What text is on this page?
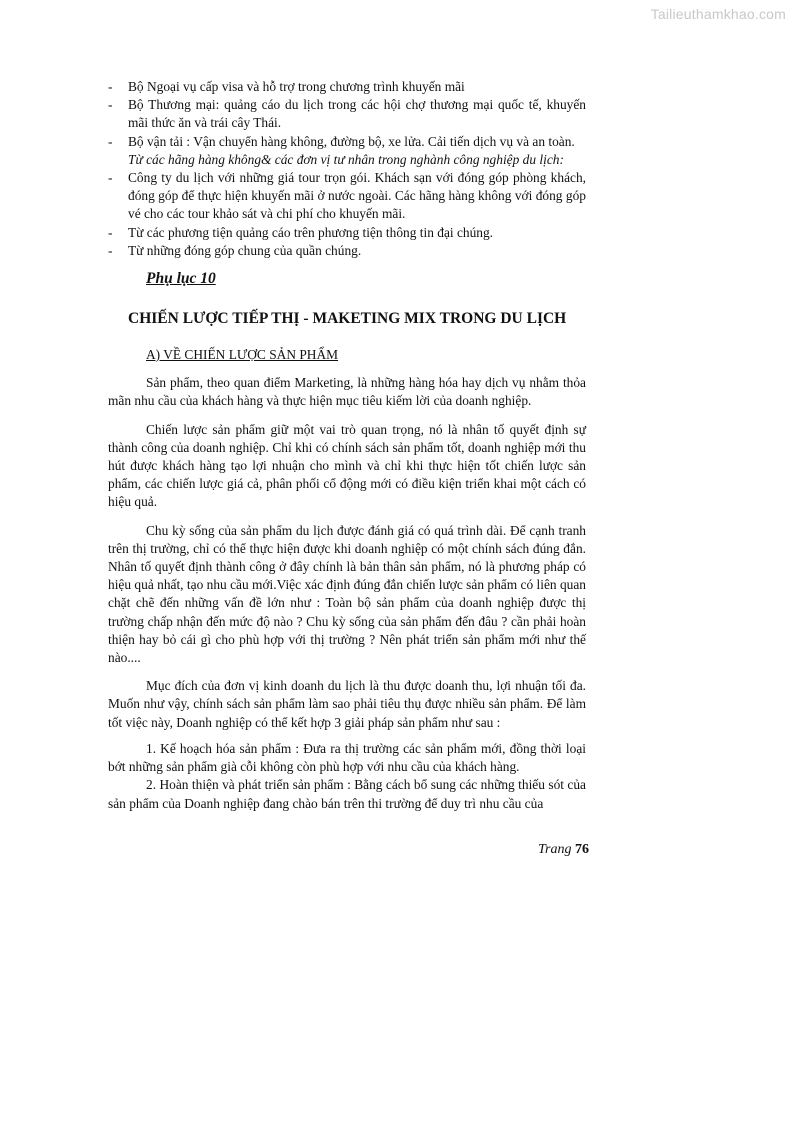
Tailieuthamkhao.com
- Bộ Ngoại vụ cấp visa và hỗ trợ trong chương trình khuyến mãi
- Bộ Thương mại: quảng cáo du lịch trong các hội chợ thương mại quốc tế, khuyến mãi thức ăn và trái cây Thái.
- Bộ vận tải : Vận chuyển hàng không, đường bộ, xe lửa. Cải tiến dịch vụ và an toàn.
Từ các hãng hàng không& các đơn vị tư nhân trong nghành công nghiệp du lịch:
- Công ty du lịch với những giá tour trọn gói. Khách sạn với đóng góp phòng khách, đóng góp để thực hiện khuyến mãi ở nước ngoài. Các hãng hàng không với đóng góp vé cho các tour khảo sát và chi phí cho khuyến mãi.
- Từ các phương tiện quảng cáo trên phương tiện thông tin đại chúng.
- Từ những đóng góp chung của quần chúng.
Phụ lục 10
CHIẾN LƯỢC TIẾP THỊ - MAKETING MIX TRONG DU LỊCH
A) VỀ CHIẾN LƯỢC SẢN PHẨM

Sản phẩm, theo quan điểm Marketing, là những hàng hóa hay dịch vụ nhằm thỏa mãn nhu cầu của khách hàng và thực hiện mục tiêu kiếm lời của doanh nghiệp.

Chiến lược sản phẩm giữ một vai trò quan trọng, nó là nhân tố quyết định sự thành công của doanh nghiệp. Chỉ khi có chính sách sản phẩm tốt, doanh nghiệp mới thu hút được khách hàng tạo lợi nhuận cho mình và chỉ khi thực hiện tốt chiến lược sản phẩm, các chiến lược giá cả, phân phối cổ động mới có điều kiện triển khai một cách có hiệu quả.

Chu kỳ sống của sản phẩm du lịch được đánh giá có quá trình dài. Để cạnh tranh trên thị trường, chỉ có thể thực hiện được khi doanh nghiệp có một chính sách đúng đắn. Nhân tố quyết định thành công ở đây chính là bản thân sản phẩm, nó là phương pháp có hiệu quả nhất, tạo nhu cầu mới.Việc xác định đúng đắn chiến lược sản phẩm có liên quan chặt chẽ đến những vấn đề lớn như : Toàn bộ sản phẩm của doanh nghiệp được thị trường chấp nhận đến mức độ nào ? Chu kỳ sống của sản phẩm đến đâu ? cần phải hoàn thiện hay bỏ cái gì cho phù hợp với thị trường ? Nên phát triển sản phẩm mới như thế nào....

Mục đích của đơn vị kinh doanh du lịch là thu được doanh thu, lợi nhuận tối đa. Muốn như vậy, chính sách sản phẩm làm sao phải tiêu thụ được nhiều sản phẩm. Để làm tốt việc này, Doanh nghiệp có thể kết hợp 3 giải pháp sản phẩm như sau :

1. Kế hoạch hóa sản phẩm : Đưa ra thị trường các sản phẩm mới, đồng thời loại bớt những sản phẩm già cỗi không còn phù hợp với nhu cầu của khách hàng.

2. Hoàn thiện và phát triển sản phẩm : Bằng cách bổ sung các những thiếu sót của sản phẩm của Doanh nghiệp đang chào bán trên thi trường để duy trì nhu cầu của

Trang 76
